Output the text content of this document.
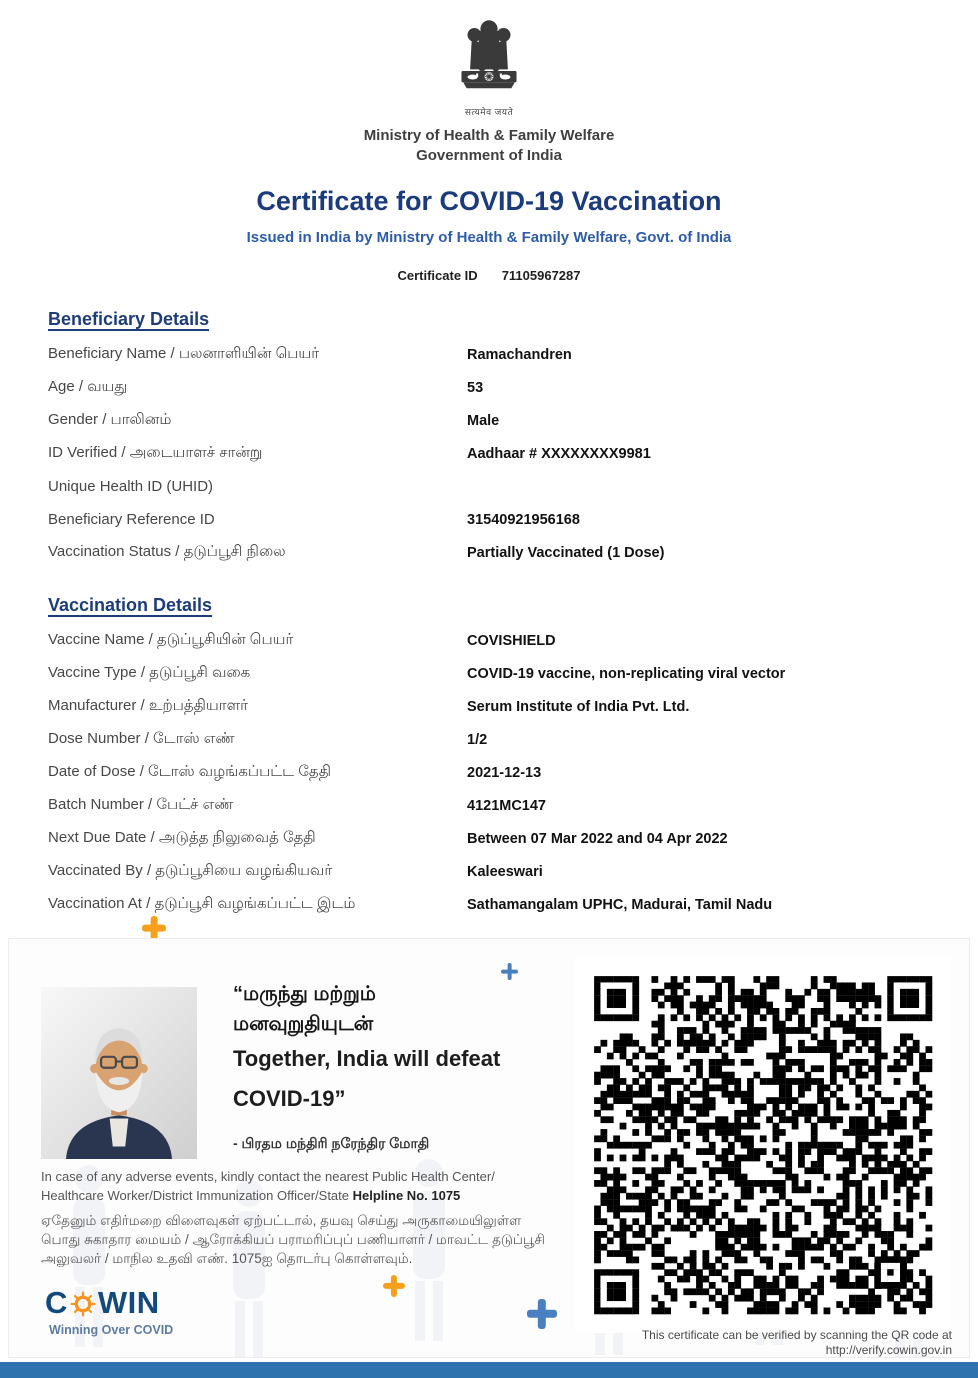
सत्यमेव जयते
Ministry of Health & Family Welfare
Government of India
Certificate for COVID-19 Vaccination
Issued in India by Ministry of Health & Family Welfare, Govt. of India
Certificate ID 71105967287
Beneficiary Details
Beneficiary Name / பலனாளியின் பெயர்	Ramachandren
Age / வயது	53
Gender / பாலினம்	Male
ID Verified / அடையாளச் சான்று	Aadhaar # XXXXXXXX9981
Unique Health ID (UHID)
Beneficiary Reference ID	31540921956168
Vaccination Status / தடுப்பூசி நிலை	Partially Vaccinated (1 Dose)
Vaccination Details
Vaccine Name / தடுப்பூசியின் பெயர்	COVISHIELD
Vaccine Type / தடுப்பூசி வகை	COVID-19 vaccine, non-replicating viral vector
Manufacturer / உற்பத்தியாளர்	Serum Institute of India Pvt. Ltd.
Dose Number / டோஸ் எண்	1/2
Date of Dose / டோஸ் வழங்கப்பட்ட தேதி	2021-12-13
Batch Number / பேட்ச் எண்	4121MC147
Next Due Date / அடுத்த நிலுவைத் தேதி	Between 07 Mar 2022 and 04 Apr 2022
Vaccinated By / தடுப்பூசியை வழங்கியவர்	Kaleeswari
Vaccination At / தடுப்பூசி வழங்கப்பட்ட இடம்	Sathamangalam UPHC, Madurai, Tamil Nadu
“மருந்து மற்றும்
மனவுறுதியுடன்
Together, India will defeat
COVID-19”
- பிரதம மந்திரி நரேந்திர மோதி
In case of any adverse events, kindly contact the nearest Public Health Center/
Healthcare Worker/District Immunization Officer/State Helpline No. 1075
ஏதேனும் எதிர்மறை விளைவுகள் ஏற்பட்டால், தயவு செய்து அருகாமையிலுள்ள பொது சுகாதார மையம் / ஆரோக்கியப் பராமரிப்புப் பணியாளர் / மாவட்ட தடுப்பூசி அலுவலர் / மாநில உதவி எண். 1075ஐ தொடர்பு கொள்ளவும்.
C WIN
Winning Over COVID	This certificate can be verified by scanning the QR code at
http://verify.cowin.gov.in
